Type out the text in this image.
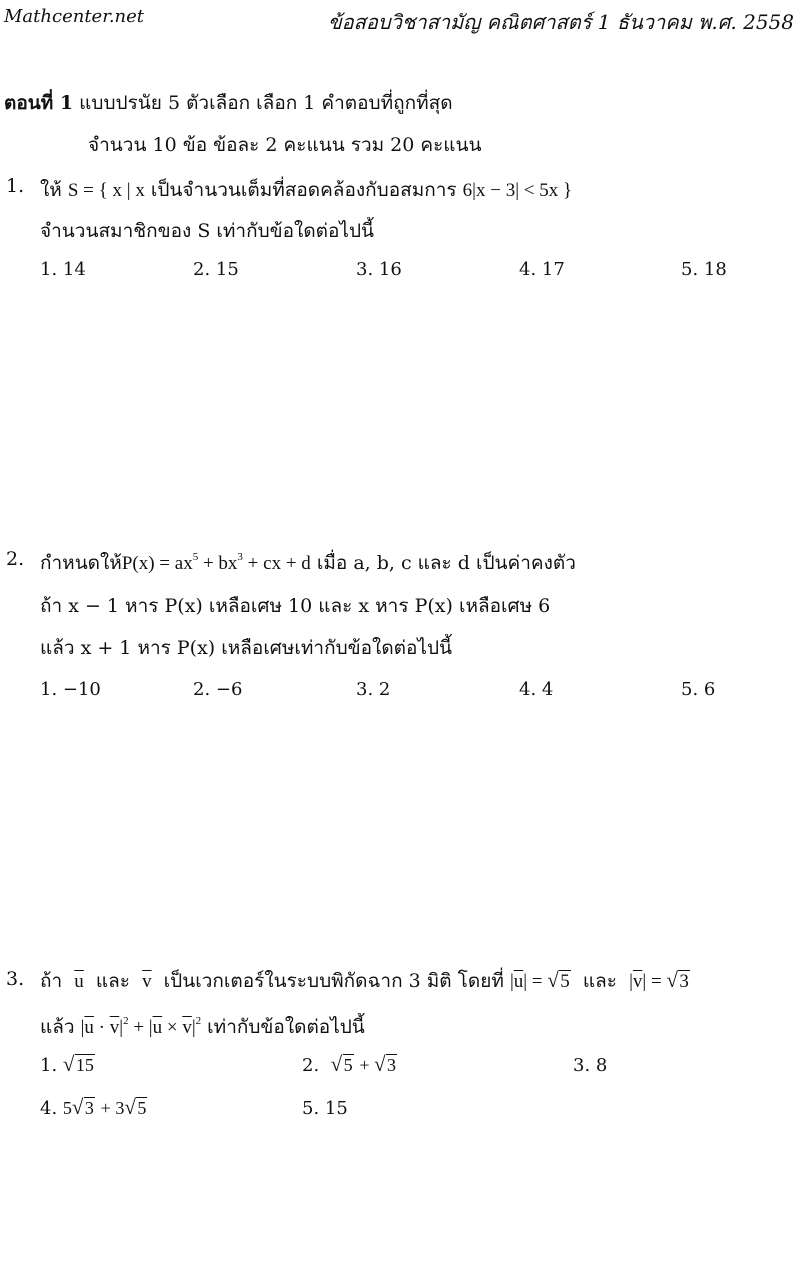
Mathcenter.net	ข้อสอบวิชาสามัญ คณิตศาสตร์ 1 ธันวาคม พ.ศ. 2558
ตอนที่ 1 แบบปรนัย 5 ตัวเลือก เลือก 1 คำตอบที่ถูกที่สุด
จำนวน 10 ข้อ ข้อละ 2 คะแนน รวม 20 คะแนน
1. ให้ S = { x | x เป็นจำนวนเต็มที่สอดคล้องกับอสมการ 6|x − 3| < 5x }
จำนวนสมาชิกของ S เท่ากับข้อใดต่อไปนี้
1. 14	2. 15	3. 16	4. 17	5. 18
2. กำหนดให้$P(x) = ax^5 + bx^3$ + cx + d เมื่อ a, b, c และ d เป็นค่าคงตัว
ถ้า x − 1 หาร P(x) เหลือเศษ 10 และ x หาร P(x) เหลือเศษ 6
แล้ว x + 1 หาร P(x) เหลือเศษเท่ากับข้อใดต่อไปนี้
1. −10	2. −6	3. 2	4. 4	5. 6
3. ถ้า $\overline{u}$ และ $\overline{v}$ เป็นเวกเตอร์ในระบบพิกัดฉาก 3 มิติ โดยที่ $|\overline{u}|$ = √ 5 และ $|\overline{v}|$ = √ 3
แล้ว $|\overline{u} \cdot \overline{v}|^2 + |\overline{u} \times \overline{v}|^2$ เท่ากับข้อใดต่อไปนี้
1. √ 15	2. √ 5 + √ 3	3. 8
4. 5 √ 3 + 3 √ 5	5. 15
